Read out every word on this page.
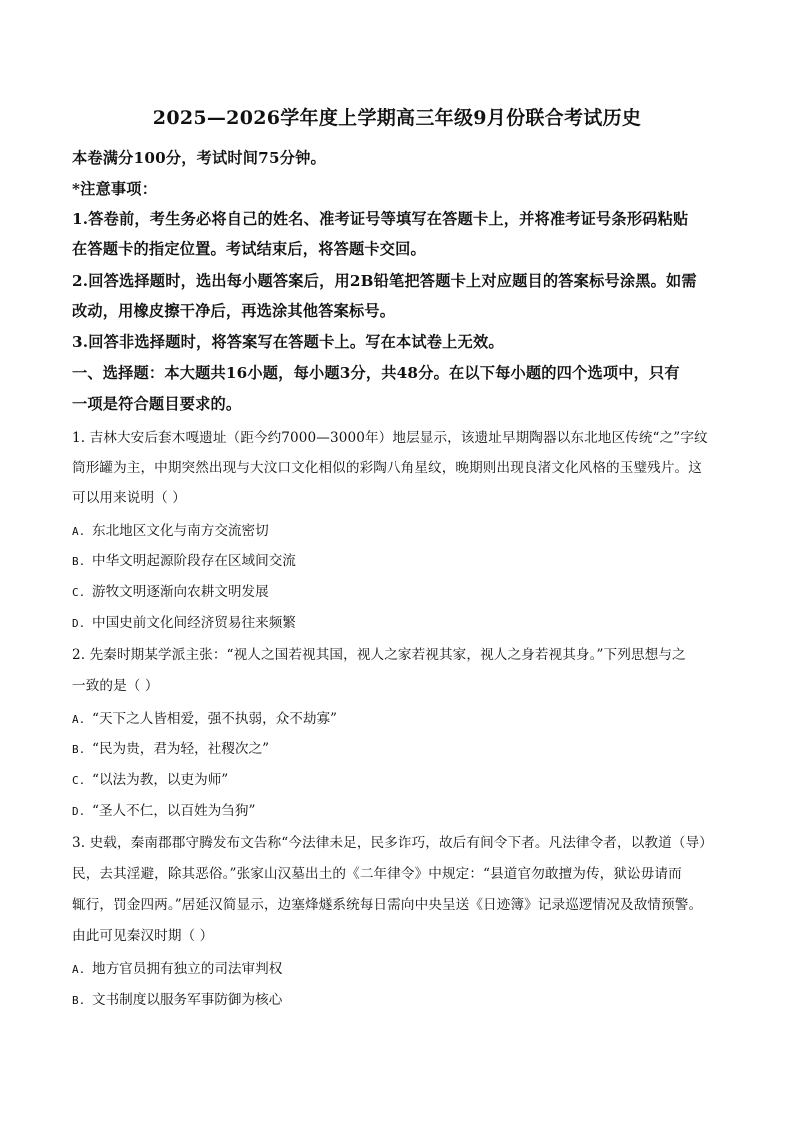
2025—2026学年度上学期高三年级9月份联合考试历史
本卷满分100分，考试时间75分钟。
*注意事项：
1.答卷前，考生务必将自己的姓名、准考证号等填写在答题卡上，并将准考证号条形码粘贴
在答题卡的指定位置。考试结束后，将答题卡交回。
2.回答选择题时，选出每小题答案后，用2B铅笔把答题卡上对应题目的答案标号涂黑。如需
改动，用橡皮擦干净后，再选涂其他答案标号。
3.回答非选择题时，将答案写在答题卡上。写在本试卷上无效。
一、选择题：本大题共16小题，每小题3分，共48分。在以下每小题的四个选项中，只有
一项是符合题目要求的。
1. 吉林大安后套木嘎遗址（距今约7000—3000年）地层显示，该遗址早期陶器以东北地区传统“之”字纹
筒形罐为主，中期突然出现与大汶口文化相似的彩陶八角星纹，晚期则出现良渚文化风格的玉璧残片。这
可以用来说明（ ）
A. 东北地区文化与南方交流密切
B. 中华文明起源阶段存在区域间交流
C. 游牧文明逐渐向农耕文明发展
D. 中国史前文化间经济贸易往来频繁
2. 先秦时期某学派主张：“视人之国若视其国，视人之家若视其家，视人之身若视其身。”下列思想与之
一致的是（ ）
A. “天下之人皆相爱，强不执弱，众不劫寡”
B. “民为贵，君为轻，社稷次之”
C. “以法为教，以吏为师”
D. “圣人不仁，以百姓为刍狗”
3. 史载，秦南郡郡守腾发布文告称“今法律未足，民多诈巧，故后有间令下者。凡法律令者，以教道（导）
民，去其淫避，除其恶俗。”张家山汉墓出土的《二年律令》中规定：“县道官勿敢擅为传，狱讼毋请而
辄行，罚金四两。”居延汉简显示，边塞烽燧系统每日需向中央呈送《日迹簿》记录巡逻情况及敌情预警。
由此可见秦汉时期（ ）
A. 地方官员拥有独立的司法审判权
B. 文书制度以服务军事防御为核心
